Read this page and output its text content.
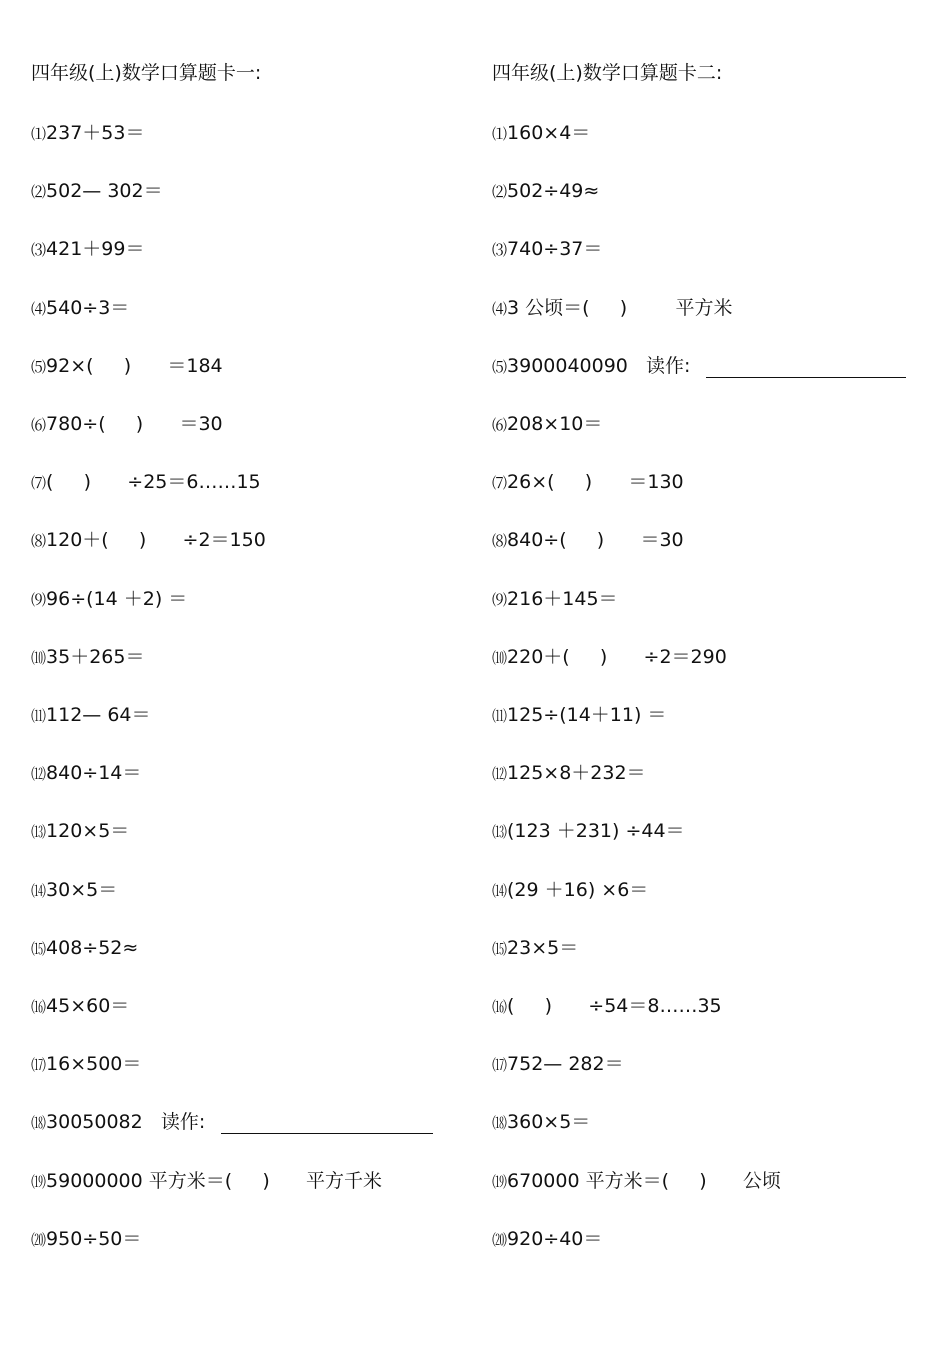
四年级(上)数学口算题卡一:
⑴237＋53＝
⑵502— 302＝
⑶421＋99＝
⑷540÷3＝
⑸92×(     )      ＝184
⑹780÷(     )      ＝30
⑺(     )      ÷25＝6……15
⑻120＋(     )      ÷2＝150
⑼96÷(14 ＋2) ＝
⑽35＋265＝
⑾112— 64＝
⑿840÷14＝
⒀120×5＝
⒁30×5＝
⒂408÷52≈
⒃45×60＝
⒄16×500＝
⒅30050082   读作:
⒆59000000 平方米＝(     )      平方千米
⒇950÷50＝
四年级(上)数学口算题卡二:
⑴160×4＝
⑵502÷49≈
⑶740÷37＝
⑷3 公顷＝(     )        平方米
⑸3900040090   读作:
⑹208×10＝
⑺26×(     )      ＝130
⑻840÷(     )      ＝30
⑼216＋145＝
⑽220＋(     )      ÷2＝290
⑾125÷(14＋11) ＝
⑿125×8＋232＝
⒀(123 ＋231) ÷44＝
⒁(29 ＋16) ×6＝
⒂23×5＝
⒃(     )      ÷54＝8……35
⒄752— 282＝
⒅360×5＝
⒆670000 平方米＝(     )      公顷
⒇920÷40＝
